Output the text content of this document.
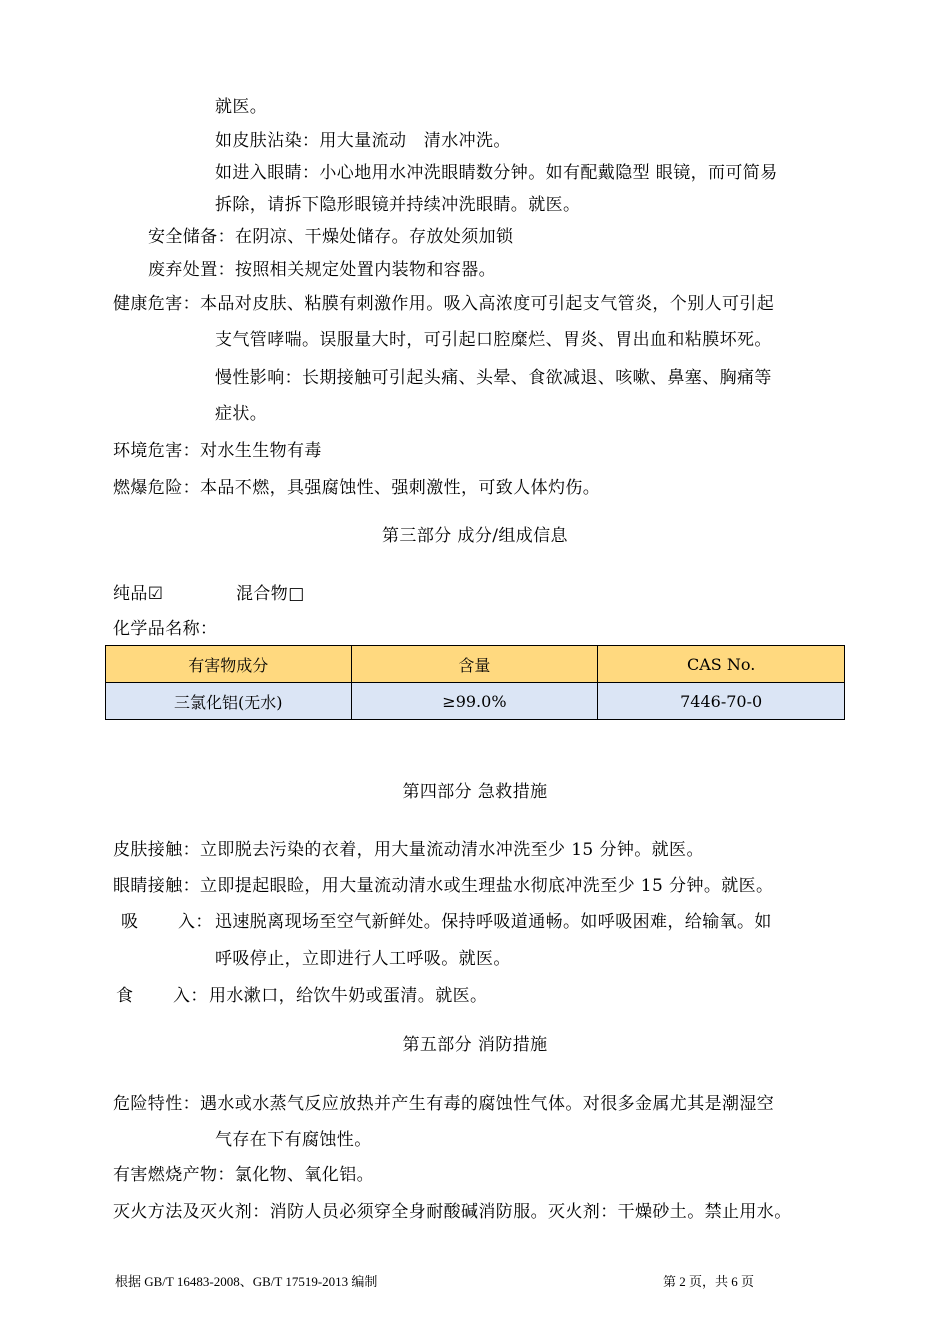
就医。
如皮肤沾染：用大量流动　清水冲洗。
如进入眼睛：小心地用水冲洗眼睛数分钟。如有配戴隐型 眼镜，而可简易
拆除，请拆下隐形眼镜并持续冲洗眼睛。就医。
安全储备：在阴凉、干燥处储存。存放处须加锁
废弃处置：按照相关规定处置内装物和容器。
健康危害：本品对皮肤、粘膜有刺激作用。吸入高浓度可引起支气管炎，个别人可引起
支气管哮喘。误服量大时，可引起口腔糜烂、胃炎、胃出血和粘膜坏死。
慢性影响：长期接触可引起头痛、头晕、食欲减退、咳嗽、鼻塞、胸痛等
症状。
环境危害：对水生生物有毒
燃爆危险：本品不燃，具强腐蚀性、强刺激性，可致人体灼伤。
第三部分 成分/组成信息
纯品☑	混合物□
化学品名称：
有害物成分	含量	CAS No.
三氯化铝(无水)	≥99.0%	7446-70-0
第四部分 急救措施
皮肤接触：立即脱去污染的衣着，用大量流动清水冲洗至少 15 分钟。就医。
眼睛接触：立即提起眼睑，用大量流动清水或生理盐水彻底冲洗至少 15 分钟。就医。
吸 入： 迅速脱离现场至空气新鲜处。保持呼吸道通畅。如呼吸困难，给输氧。如
呼吸停止，立即进行人工呼吸。就医。
食 入： 用水漱口，给饮牛奶或蛋清。就医。
第五部分 消防措施
危险特性：遇水或水蒸气反应放热并产生有毒的腐蚀性气体。对很多金属尤其是潮湿空
气存在下有腐蚀性。
有害燃烧产物：氯化物、氧化铝。
灭火方法及灭火剂：消防人员必须穿全身耐酸碱消防服。灭火剂：干燥砂土。禁止用水。
根据 GB/T 16483-2008、GB/T 17519-2013 编制	第 2 页，共 6 页
